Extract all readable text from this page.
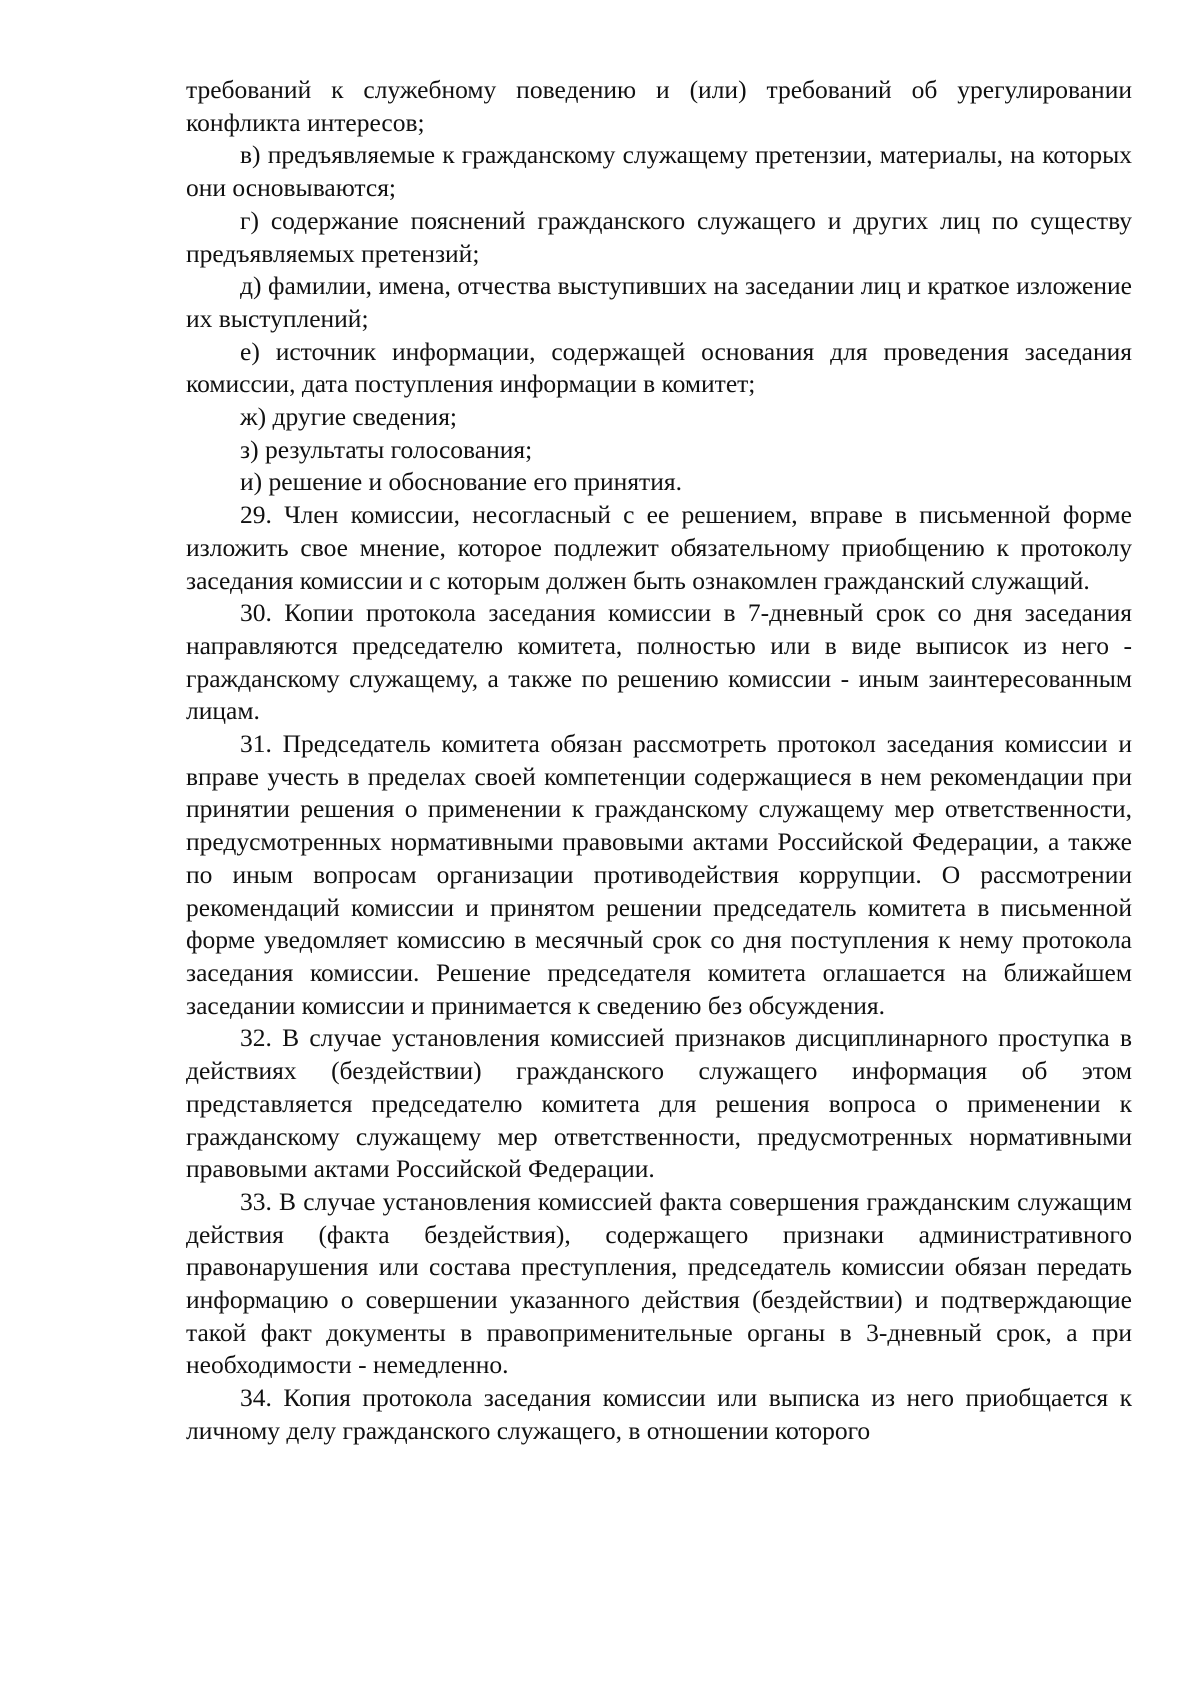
требований к служебному поведению и (или) требований об урегулировании конфликта интересов;

в) предъявляемые к гражданскому служащему претензии, материалы, на которых они основываются;

г) содержание пояснений гражданского служащего и других лиц по существу предъявляемых претензий;

д) фамилии, имена, отчества выступивших на заседании лиц и краткое изложение их выступлений;

е) источник информации, содержащей основания для проведения заседания комиссии, дата поступления информации в комитет;

ж) другие сведения;

з) результаты голосования;

и) решение и обоснование его принятия.

29. Член комиссии, несогласный с ее решением, вправе в письменной форме изложить свое мнение, которое подлежит обязательному приобщению к протоколу заседания комиссии и с которым должен быть ознакомлен гражданский служащий.

30. Копии протокола заседания комиссии в 7-дневный срок со дня заседания направляются председателю комитета, полностью или в виде выписок из него - гражданскому служащему, а также по решению комиссии - иным заинтересованным лицам.

31. Председатель комитета обязан рассмотреть протокол заседания комиссии и вправе учесть в пределах своей компетенции содержащиеся в нем рекомендации при принятии решения о применении к гражданскому служащему мер ответственности, предусмотренных нормативными правовыми актами Российской Федерации, а также по иным вопросам организации противодействия коррупции. О рассмотрении рекомендаций комиссии и принятом решении председатель комитета в письменной форме уведомляет комиссию в месячный срок со дня поступления к нему протокола заседания комиссии. Решение председателя комитета оглашается на ближайшем заседании комиссии и принимается к сведению без обсуждения.

32. В случае установления комиссией признаков дисциплинарного проступка в действиях (бездействии) гражданского служащего информация об этом представляется председателю комитета для решения вопроса о применении к гражданскому служащему мер ответственности, предусмотренных нормативными правовыми актами Российской Федерации.

33. В случае установления комиссией факта совершения гражданским служащим действия (факта бездействия), содержащего признаки административного правонарушения или состава преступления, председатель комиссии обязан передать информацию о совершении указанного действия (бездействии) и подтверждающие такой факт документы в правоприменительные органы в 3-дневный срок, а при необходимости - немедленно.

34. Копия протокола заседания комиссии или выписка из него приобщается к личному делу гражданского служащего, в отношении которого
